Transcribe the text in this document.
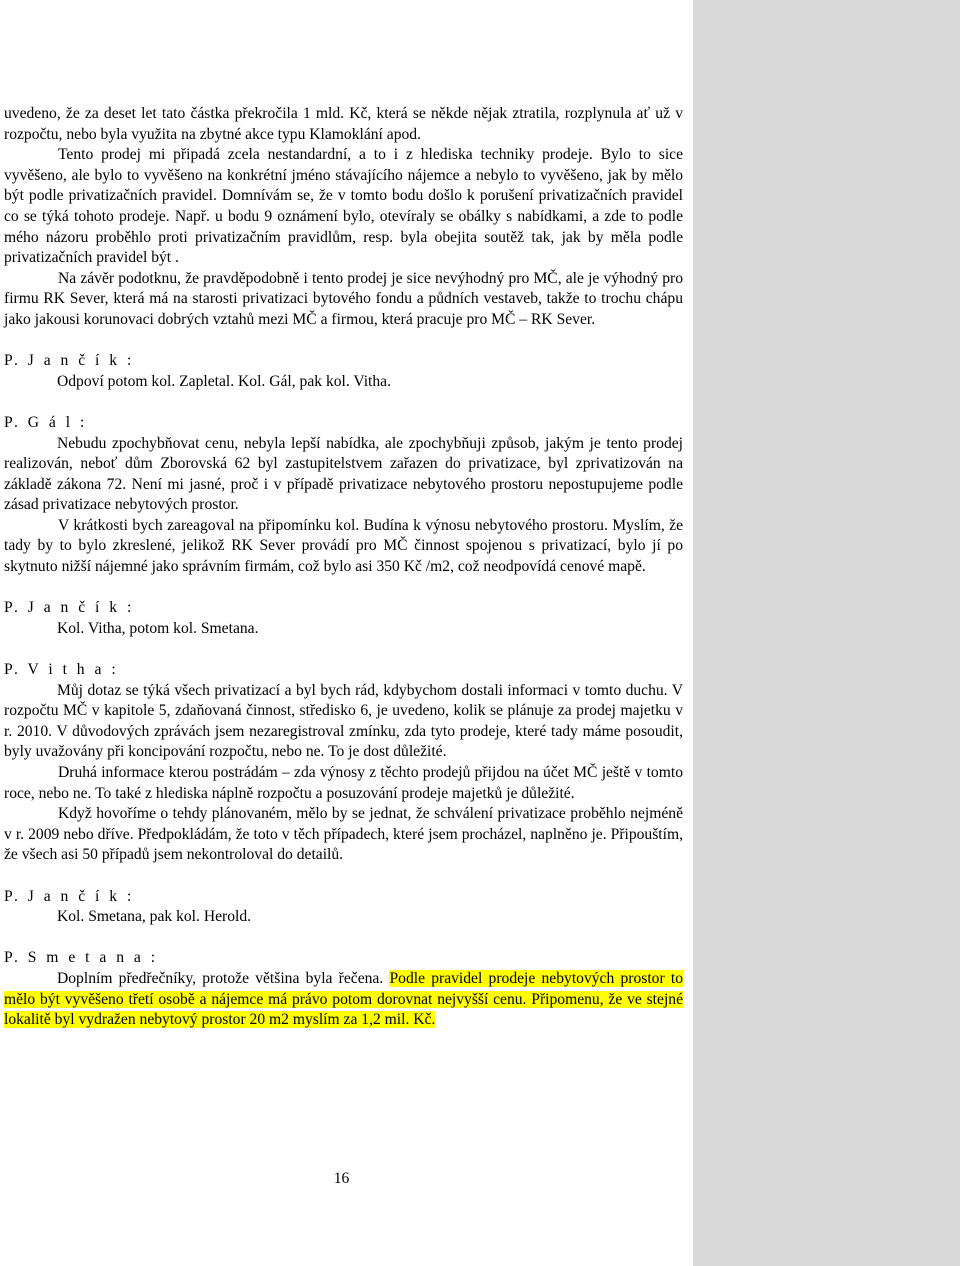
uvedeno, že za deset let tato částka překročila 1 mld. Kč, která se někde nějak ztratila, rozplynula ať už v rozpočtu, nebo byla využita na zbytné akce typu Klamoklání apod.

Tento prodej mi připadá zcela nestandardní, a to i z hlediska techniky prodeje. Bylo to sice vyvěšeno, ale bylo to vyvěšeno na konkrétní jméno stávajícího nájemce a nebylo to vyvěšeno, jak by mělo být podle privatizačních pravidel. Domnívám se, že v tomto bodu došlo k porušení privatizačních pravidel co se týká tohoto prodeje. Např. u bodu 9 oznámení bylo, otevíraly se obálky s nabídkami, a zde to podle mého názoru proběhlo proti privatizačním pravidlům, resp. byla obejita soutěž tak, jak by měla podle privatizačních pravidel být .

Na závěr podotknu, že pravděpodobně i tento prodej je sice nevýhodný pro MČ, ale je výhodný pro firmu RK Sever, která má na starosti privatizaci bytového fondu a půdních vestaveb, takže to trochu chápu jako jakousi korunovaci dobrých vztahů mezi MČ a firmou, která pracuje pro MČ – RK Sever.

P. J a n č í k :

Odpoví potom kol. Zapletal. Kol. Gál, pak kol. Vitha.

P. G á l :

Nebudu zpochybňovat cenu, nebyla lepší nabídka, ale zpochybňuji způsob, jakým je tento prodej realizován, neboť dům Zborovská 62 byl zastupitelstvem zařazen do privatizace, byl zprivatizován na základě zákona 72. Není mi jasné, proč i v případě privatizace nebytového prostoru nepostupujeme podle zásad privatizace nebytových prostor.

V krátkosti bych zareagoval na připomínku kol. Budína k výnosu nebytového prostoru. Myslím, že tady by to bylo zkreslené, jelikož RK Sever provádí pro MČ činnost spojenou s privatizací, bylo jí po skytnuto nižší nájemné jako správním firmám, což bylo asi 350 Kč /m2, což neodpovídá cenové mapě.

P. J a n č í k :

Kol. Vitha, potom kol. Smetana.

P. V i t h a :

Můj dotaz se týká všech privatizací a byl bych rád, kdybychom dostali informaci v tomto duchu. V rozpočtu MČ v kapitole 5, zdaňovaná činnost, středisko 6, je uvedeno, kolik se plánuje za prodej majetku v r. 2010. V důvodových zprávách jsem nezaregistroval zmínku, zda tyto prodeje, které tady máme posoudit, byly uvažovány při koncipování rozpočtu, nebo ne. To je dost důležité.

Druhá informace kterou postrádám – zda výnosy z těchto prodejů přijdou na účet MČ ještě v tomto roce, nebo ne. To také z hlediska náplně rozpočtu a posuzování prodeje majetků je důležité.

Když hovoříme o tehdy plánovaném, mělo by se jednat, že schválení privatizace proběhlo nejméně v r. 2009 nebo dříve. Předpokládám, že toto v těch případech, které jsem procházel, naplněno je. Připouštím, že všech asi 50 případů jsem nekontroloval do detailů.

P. J a n č í k :

Kol. Smetana, pak kol. Herold.

P. S m e t a n a :

Doplním předřečníky, protože většina byla řečena. Podle pravidel prodeje nebytových prostor to mělo být vyvěšeno třetí osobě a nájemce má právo potom dorovnat nejvyšší cenu. Připomenu, že ve stejné lokalitě byl vydražen nebytový prostor 20 m2 myslím za 1,2 mil. Kč.

16
